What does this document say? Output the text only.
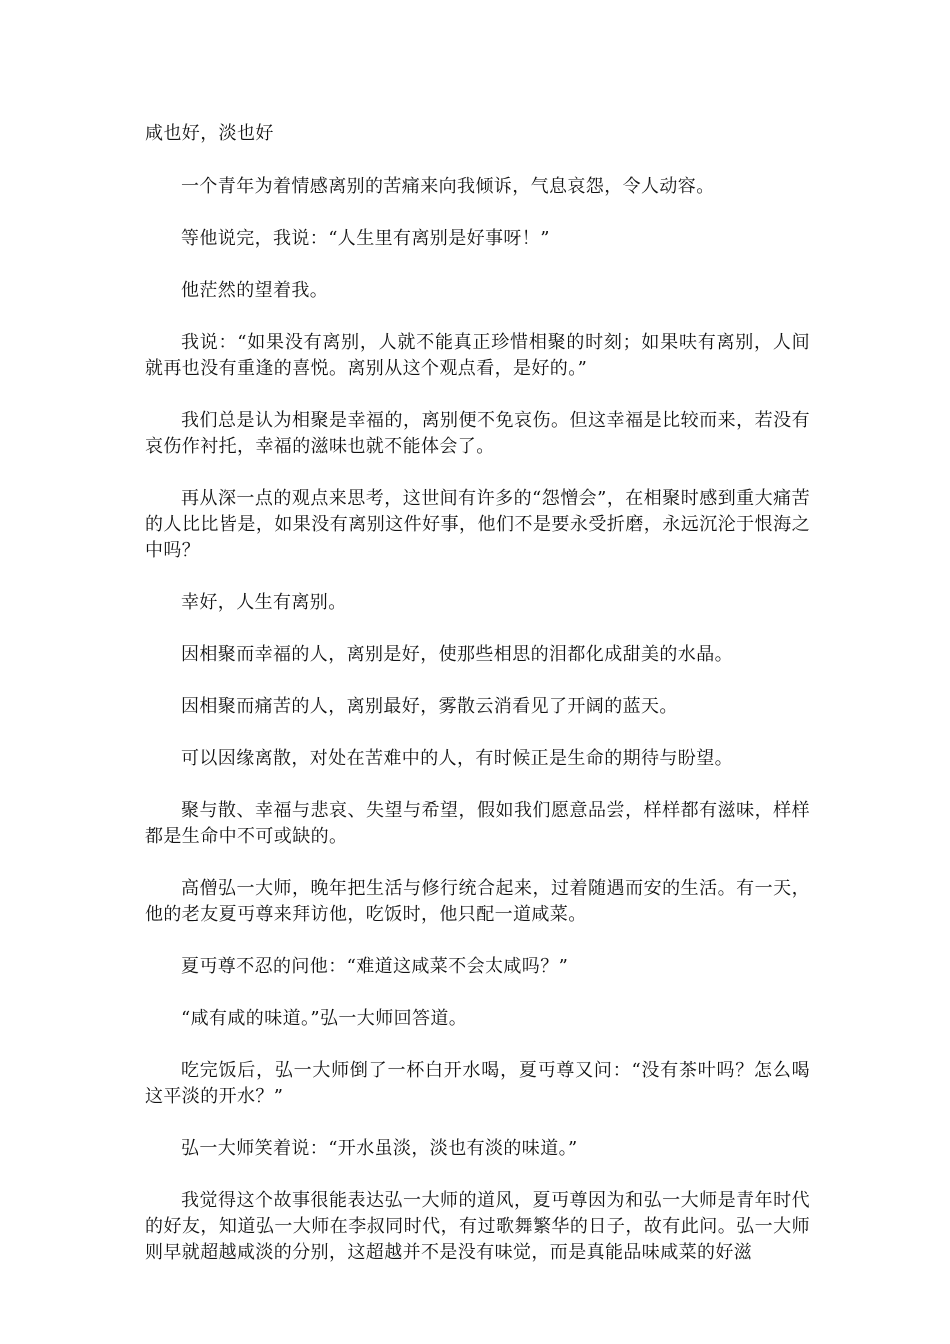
咸也好，淡也好

一个青年为着情感离别的苦痛来向我倾诉，气息哀怨，令人动容。

等他说完，我说：“人生里有离别是好事呀！”

他茫然的望着我。

我说：“如果没有离别，人就不能真正珍惜相聚的时刻；如果呋有离别，人间就再也没有重逢的喜悦。离别从这个观点看，是好的。”

我们总是认为相聚是幸福的，离别便不免哀伤。但这幸福是比较而来，若没有哀伤作衬托，幸福的滋味也就不能体会了。

再从深一点的观点来思考，这世间有许多的“怨憎会”，在相聚时感到重大痛苦的人比比皆是，如果没有离别这件好事，他们不是要永受折磨，永远沉沦于恨海之中吗？

幸好，人生有离别。

因相聚而幸福的人，离别是好，使那些相思的泪都化成甜美的水晶。

因相聚而痛苦的人，离别最好，雾散云消看见了开阔的蓝天。

可以因缘离散，对处在苦难中的人，有时候正是生命的期待与盼望。

聚与散、幸福与悲哀、失望与希望，假如我们愿意品尝，样样都有滋味，样样都是生命中不可或缺的。

高僧弘一大师，晚年把生活与修行统合起来，过着随遇而安的生活。有一天，他的老友夏丏尊来拜访他，吃饭时，他只配一道咸菜。

夏丏尊不忍的问他：“难道这咸菜不会太咸吗？”

“咸有咸的味道。”弘一大师回答道。

吃完饭后，弘一大师倒了一杯白开水喝，夏丏尊又问：“没有茶叶吗？怎么喝这平淡的开水？”

弘一大师笑着说：“开水虽淡，淡也有淡的味道。”

我觉得这个故事很能表达弘一大师的道风，夏丏尊因为和弘一大师是青年时代的好友，知道弘一大师在李叔同时代，有过歌舞繁华的日子，故有此问。弘一大师则早就超越咸淡的分别，这超越并不是没有味觉，而是真能品味咸菜的好滋
